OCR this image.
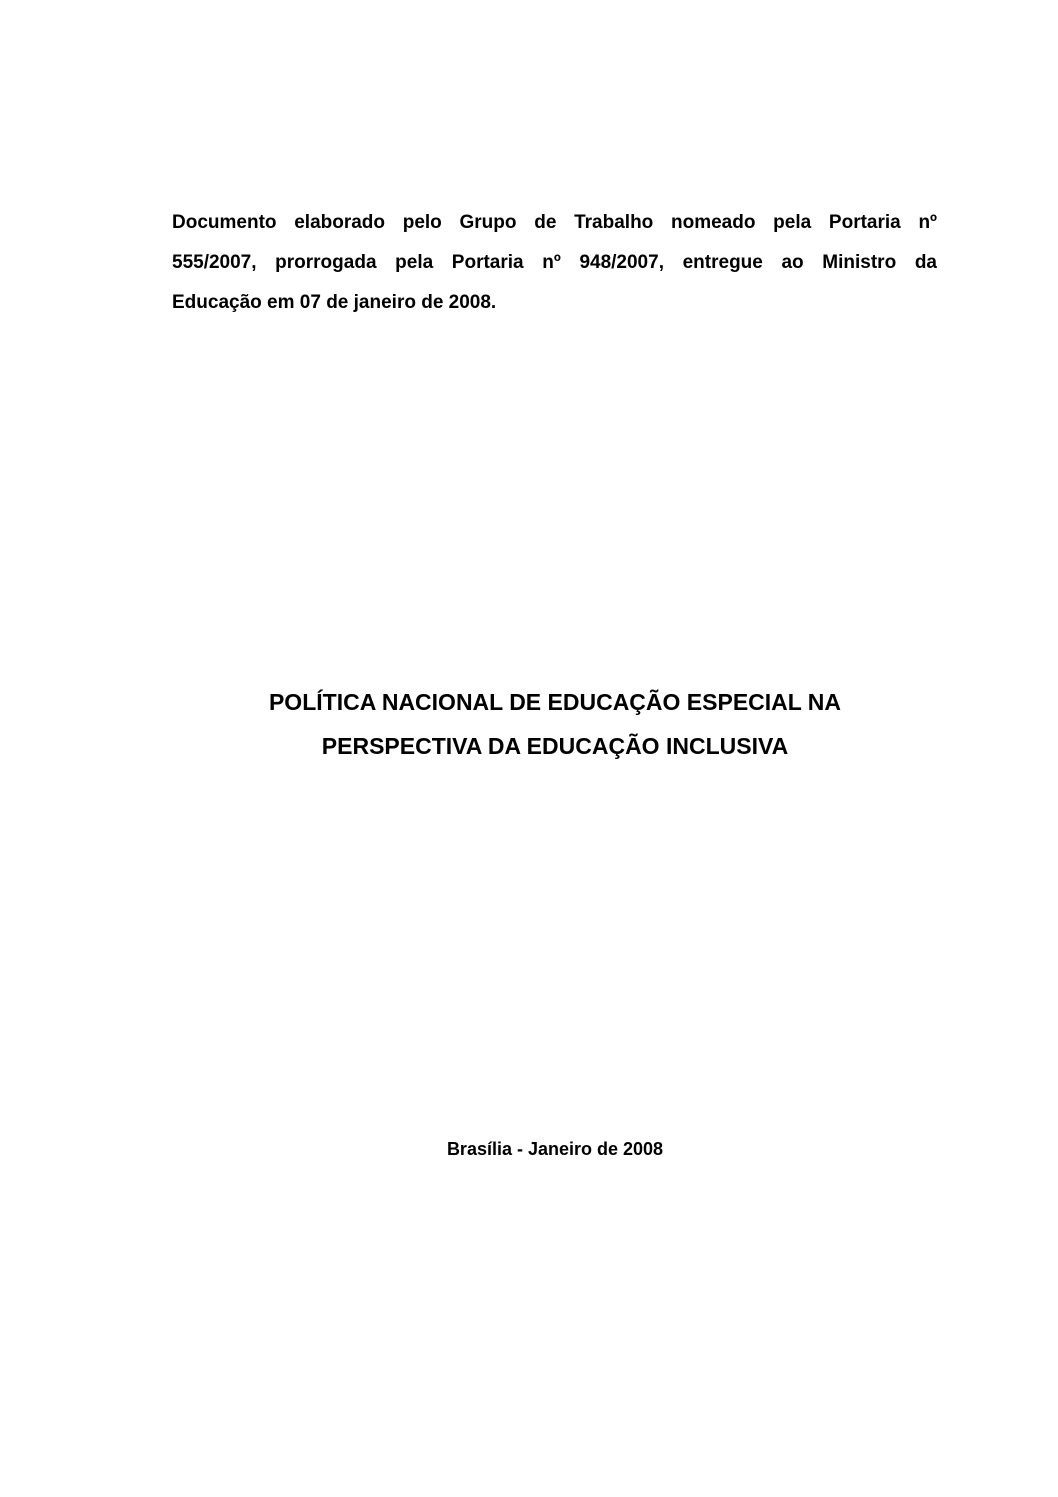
Documento elaborado pelo Grupo de Trabalho nomeado pela Portaria nº
555/2007, prorrogada pela Portaria nº 948/2007, entregue ao Ministro da
Educação em 07 de janeiro de 2008.

POLÍTICA NACIONAL DE EDUCAÇÃO ESPECIAL NA
PERSPECTIVA DA EDUCAÇÃO INCLUSIVA

Brasília - Janeiro de 2008
